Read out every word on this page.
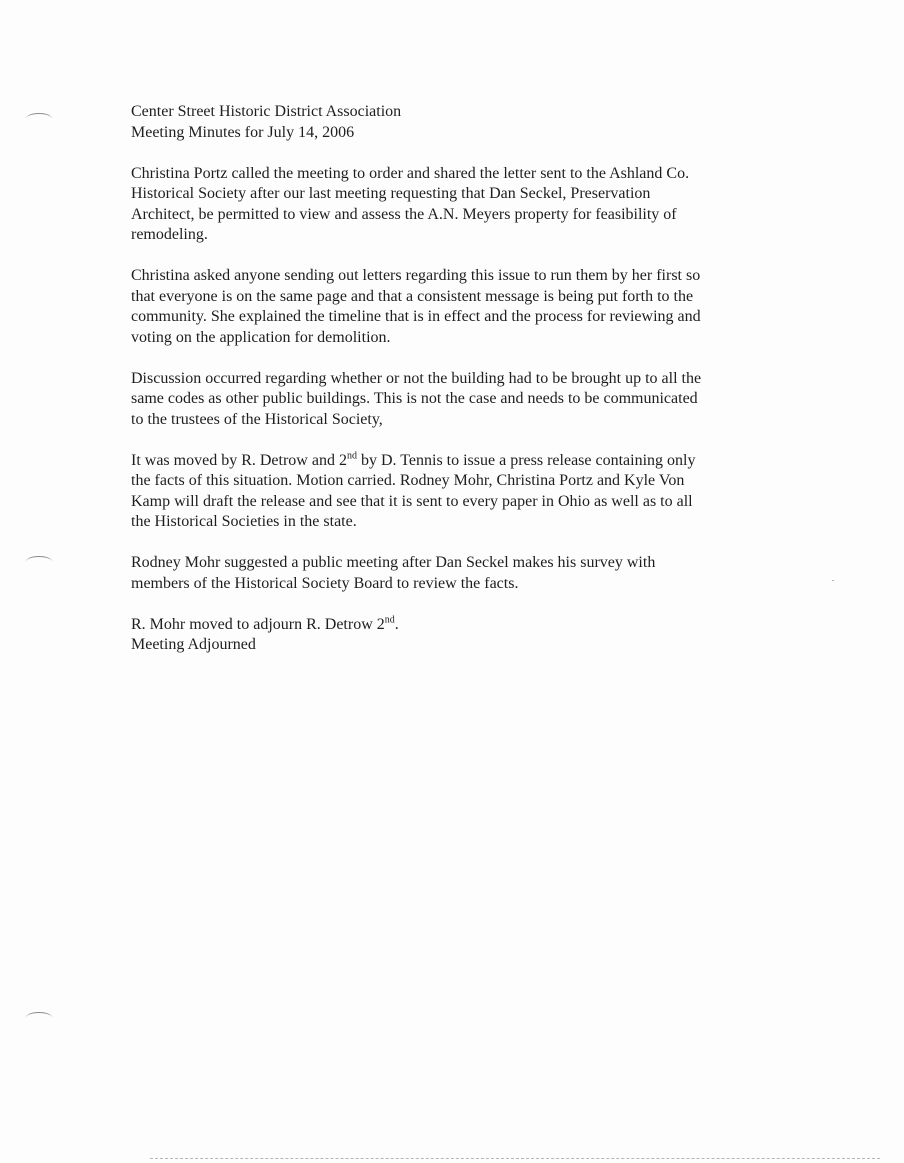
Center Street Historic District Association
Meeting Minutes for July 14, 2006

Christina Portz called the meeting to order and shared the letter sent to the Ashland Co.
Historical Society after our last meeting requesting that Dan Seckel, Preservation
Architect, be permitted to view and assess the A.N. Meyers property for feasibility of
remodeling.

Christina asked anyone sending out letters regarding this issue to run them by her first so
that everyone is on the same page and that a consistent message is being put forth to the
community. She explained the timeline that is in effect and the process for reviewing and
voting on the application for demolition.

Discussion occurred regarding whether or not the building had to be brought up to all the
same codes as other public buildings. This is not the case and needs to be communicated
to the trustees of the Historical Society,

It was moved by R. Detrow and 2nd by D. Tennis to issue a press release containing only
the facts of this situation. Motion carried. Rodney Mohr, Christina Portz and Kyle Von
Kamp will draft the release and see that it is sent to every paper in Ohio as well as to all
the Historical Societies in the state.

Rodney Mohr suggested a public meeting after Dan Seckel makes his survey with
members of the Historical Society Board to review the facts.

R. Mohr moved to adjourn R. Detrow 2nd.
Meeting Adjourned
